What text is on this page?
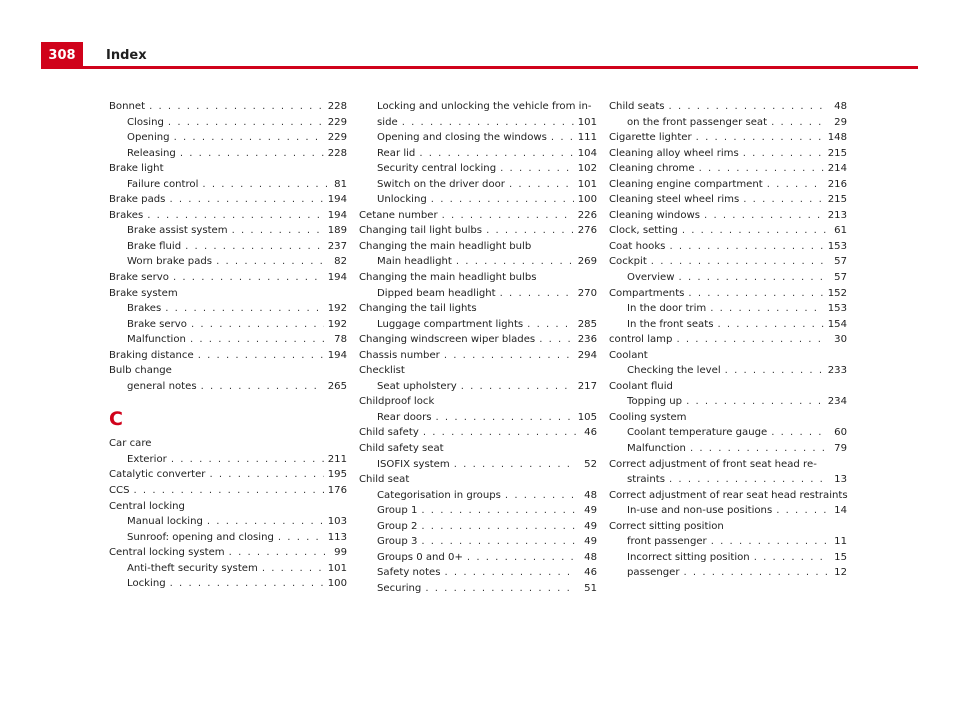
308	Index
Bonnet . . .	228
Closing . . .	229
Opening . . .	229
Releasing . . .	228
Brake light
Failure control . . .	81
Brake pads . . .	194
Brakes . . .	194
Brake assist system . . .	189
Brake fluid . . .	237
Worn brake pads . . .	82
Brake servo . . .	194
Brake system
Brakes . . .	192
Brake servo . . .	192
Malfunction . . .	78
Braking distance . . .	194
Bulb change
general notes . . .	265
C
Car care
Exterior . . .	211
Catalytic converter . . .	195
CCS . . .	176
Central locking
Manual locking . . .	103
Sunroof: opening and closing . . .	113
Central locking system . . .	99
Anti-theft security system . . .	101
Locking . . .	100
Locking and unlocking the vehicle from in-
side . . .	101
Opening and closing the windows . . .	111
Rear lid . . .	104
Security central locking . . .	102
Switch on the driver door . . .	101
Unlocking . . .	100
Cetane number . . .	226
Changing tail light bulbs . . .	276
Changing the main headlight bulb
Main headlight . . .	269
Changing the main headlight bulbs
Dipped beam headlight . . .	270
Changing the tail lights
Luggage compartment lights . . .	285
Changing windscreen wiper blades . . .	236
Chassis number . . .	294
Checklist
Seat upholstery . . .	217
Childproof lock
Rear doors . . .	105
Child safety . . .	46
Child safety seat
ISOFIX system . . .	52
Child seat
Categorisation in groups . . .	48
Group 1 . . .	49
Group 2 . . .	49
Group 3 . . .	49
Groups 0 and 0+ . . .	48
Safety notes . . .	46
Securing . . .	51
Child seats . . .	48
on the front passenger seat . . .	29
Cigarette lighter . . .	148
Cleaning alloy wheel rims . . .	215
Cleaning chrome . . .	214
Cleaning engine compartment . . .	216
Cleaning steel wheel rims . . .	215
Cleaning windows . . .	213
Clock, setting . . .	61
Coat hooks . . .	153
Cockpit . . .	57
Overview . . .	57
Compartments . . .	152
In the door trim . . .	153
In the front seats . . .	154
control lamp . . .	30
Coolant
Checking the level . . .	233
Coolant fluid
Topping up . . .	234
Cooling system
Coolant temperature gauge . . .	60
Malfunction . . .	79
Correct adjustment of front seat head re-
straints . . .	13
Correct adjustment of rear seat head restraints
In-use and non-use positions . . .	14
Correct sitting position
front passenger . . .	11
Incorrect sitting position . . .	15
passenger . . .	12
